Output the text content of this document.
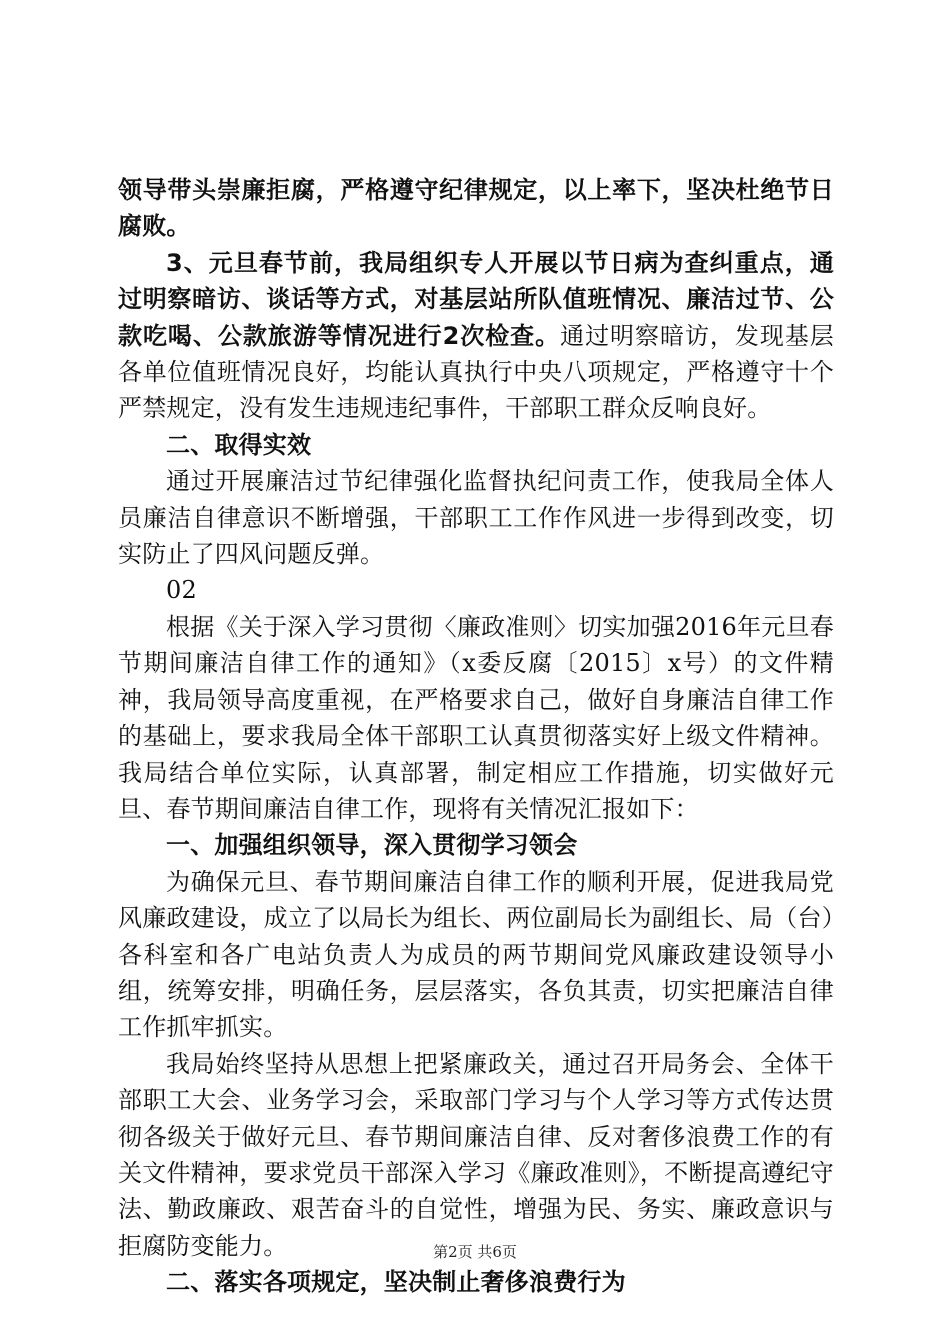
领导带头崇廉拒腐，严格遵守纪律规定，以上率下，坚决杜绝节日腐败。

3、元旦春节前，我局组织专人开展以节日病为查纠重点，通过明察暗访、谈话等方式，对基层站所队值班情况、廉洁过节、公款吃喝、公款旅游等情况进行2次检查。通过明察暗访，发现基层各单位值班情况良好，均能认真执行中央八项规定，严格遵守十个严禁规定，没有发生违规违纪事件，干部职工群众反响良好。

二、取得实效

通过开展廉洁过节纪律强化监督执纪问责工作，使我局全体人员廉洁自律意识不断增强，干部职工工作作风进一步得到改变，切实防止了四风问题反弹。

02

根据《关于深入学习贯彻〈廉政准则〉切实加强2016年元旦春节期间廉洁自律工作的通知》（x委反腐〔2015〕x号）的文件精神，我局领导高度重视，在严格要求自己，做好自身廉洁自律工作的基础上，要求我局全体干部职工认真贯彻落实好上级文件精神。我局结合单位实际，认真部署，制定相应工作措施，切实做好元旦、春节期间廉洁自律工作，现将有关情况汇报如下：

一、加强组织领导，深入贯彻学习领会

为确保元旦、春节期间廉洁自律工作的顺利开展，促进我局党风廉政建设，成立了以局长为组长、两位副局长为副组长、局（台）各科室和各广电站负责人为成员的两节期间党风廉政建设领导小组，统筹安排，明确任务，层层落实，各负其责，切实把廉洁自律工作抓牢抓实。

我局始终坚持从思想上把紧廉政关，通过召开局务会、全体干部职工大会、业务学习会，采取部门学习与个人学习等方式传达贯彻各级关于做好元旦、春节期间廉洁自律、反对奢侈浪费工作的有关文件精神，要求党员干部深入学习《廉政准则》，不断提高遵纪守法、勤政廉政、艰苦奋斗的自觉性，增强为民、务实、廉政意识与拒腐防变能力。

二、落实各项规定，坚决制止奢侈浪费行为

第2页 共6页
